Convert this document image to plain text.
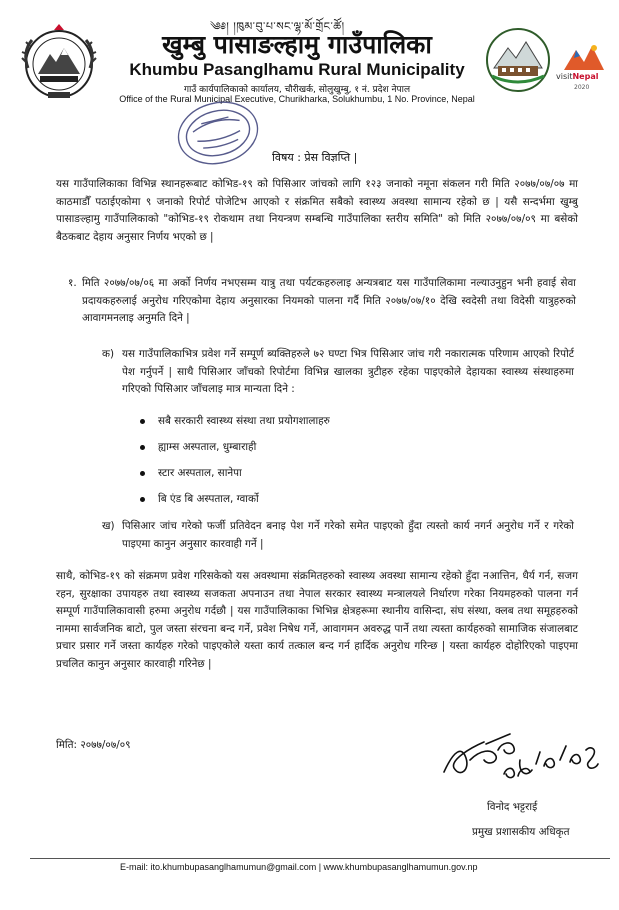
༄༅། །ཁུམ་བུ་པ་སང་ལྷ་མོ་གྲོང་ཚོ།
खुम्बु पासाङल्हामु गाउँपालिका
Khumbu Pasanglhamu Rural Municipality
गाउँ कार्यपालिकाको कार्यालय, चौरीखर्क, सोलुखुम्बु, १ नं. प्रदेश नेपाल
Office of the Rural Municipal Executive, Churikharka, Solukhumbu, 1 No. Province, Nepal
visitNepal
2020
विषय : प्रेस विज्ञप्ति |
यस गाउँपालिकाका विभिन्न स्थानहरूबाट कोभिड-१९ को पिसिआर जांचको लागि १२३ जनाको नमूना संकलन गरी मिति २०७७/०७/०७ मा काठमाडौँ पठाईएकोमा ९ जनाको रिपोर्ट पोजेटिभ आएको र संक्रमित सबैको स्वास्थ्य अवस्था सामान्य रहेको छ | यसै सन्दर्भमा खुम्बु पासाङल्हामु गाउँपालिकाको "कोभिड-१९ रोकथाम तथा नियन्त्रण सम्बन्धि गाउँपालिका स्तरीय समिति" को मिति २०७७/०७/०९ मा बसेको बैठकबाट देहाय अनुसार निर्णय भएको छ |
१. मिति २०७७/०७/०६ मा अर्को निर्णय नभएसम्म यात्रु तथा पर्यटकहरुलाइ अन्यत्रबाट यस गाउँपालिकामा नल्याउनुहुन भनी हवाई सेवा प्रदायकहरुलाई अनुरोध गरिएकोमा देहाय अनुसारका नियमको पालना गर्दै मिति २०७७/०७/१० देखि स्वदेसी तथा विदेसी यात्रुहरुको आवागमनलाइ अनुमति दिने |
क) यस गाउँपालिकाभित्र प्रवेश गर्ने सम्पूर्ण ब्यक्तिहरुले ७२ घण्टा भित्र पिसिआर जांच गरी नकारात्मक परिणाम आएको रिपोर्ट पेश गर्नुपर्ने | साथै पिसिआर जाँचको रिपोर्टमा विभिन्न खालका त्रुटीहरु रहेका पाइएकोले देहायका स्वास्थ्य संस्थाहरुमा गरिएको पिसिआर जाँचलाइ मात्र मान्यता दिने :
सबै सरकारी स्वास्थ्य संस्था तथा प्रयोगशालाहरु
ह्याम्स अस्पताल, धुम्बाराही
स्टार अस्पताल, सानेपा
बि एंड बि अस्पताल, ग्वार्को
ख) पिसिआर जांच गरेको फर्जी प्रतिवेदन बनाइ पेश गर्ने गरेको समेत पाइएको हुँदा त्यस्तो कार्य नगर्न अनुरोध गर्ने र गरेको पाइएमा कानुन अनुसार कारवाही गर्ने |
साथै, कोभिड-१९ को संक्रमण प्रवेश गरिसकेको यस अवस्थामा संक्रमितहरुको स्वास्थ्य अवस्था सामान्य रहेको हुँदा नआत्तिन, धैर्य गर्न, सजग रहन, सुरक्षाका उपायहरु तथा स्वास्थ्य सजकता अपनाउन तथा नेपाल सरकार स्वास्थ्य मन्त्रालयले निर्धारण गरेका नियमहरुको पालना गर्न सम्पूर्ण गाउँपालिकावासी हरुमा अनुरोध गर्दछौ | यस गाउँपालिकाका भिभिन्न क्षेत्रहरूमा स्थानीय वासिन्दा, संघ संस्था, क्लब तथा समूहहरुको नाममा सार्वजनिक बाटो, पुल जस्ता संरचना बन्द गर्ने, प्रवेश निषेध गर्ने, आवागमन अवरुद्ध पार्ने तथा त्यस्ता कार्यहरुको सामाजिक संजालबाट प्रचार प्रसार गर्ने जस्ता कार्यहरु गरेको पाइएकोले यस्ता कार्य तत्काल बन्द गर्न हार्दिक अनुरोध गरिन्छ | यस्ता कार्यहरु दोहोरिएको पाइएमा प्रचलित कानुन अनुसार कारवाही गरिनेछ |
मिति: २०७७/०७/०९
विनोद भट्टराई
प्रमुख प्रशासकीय अधिकृत
E-mail: ito.khumbupasanglhamumun@gmail.com | www.khumbupasanglhamumun.gov.np
